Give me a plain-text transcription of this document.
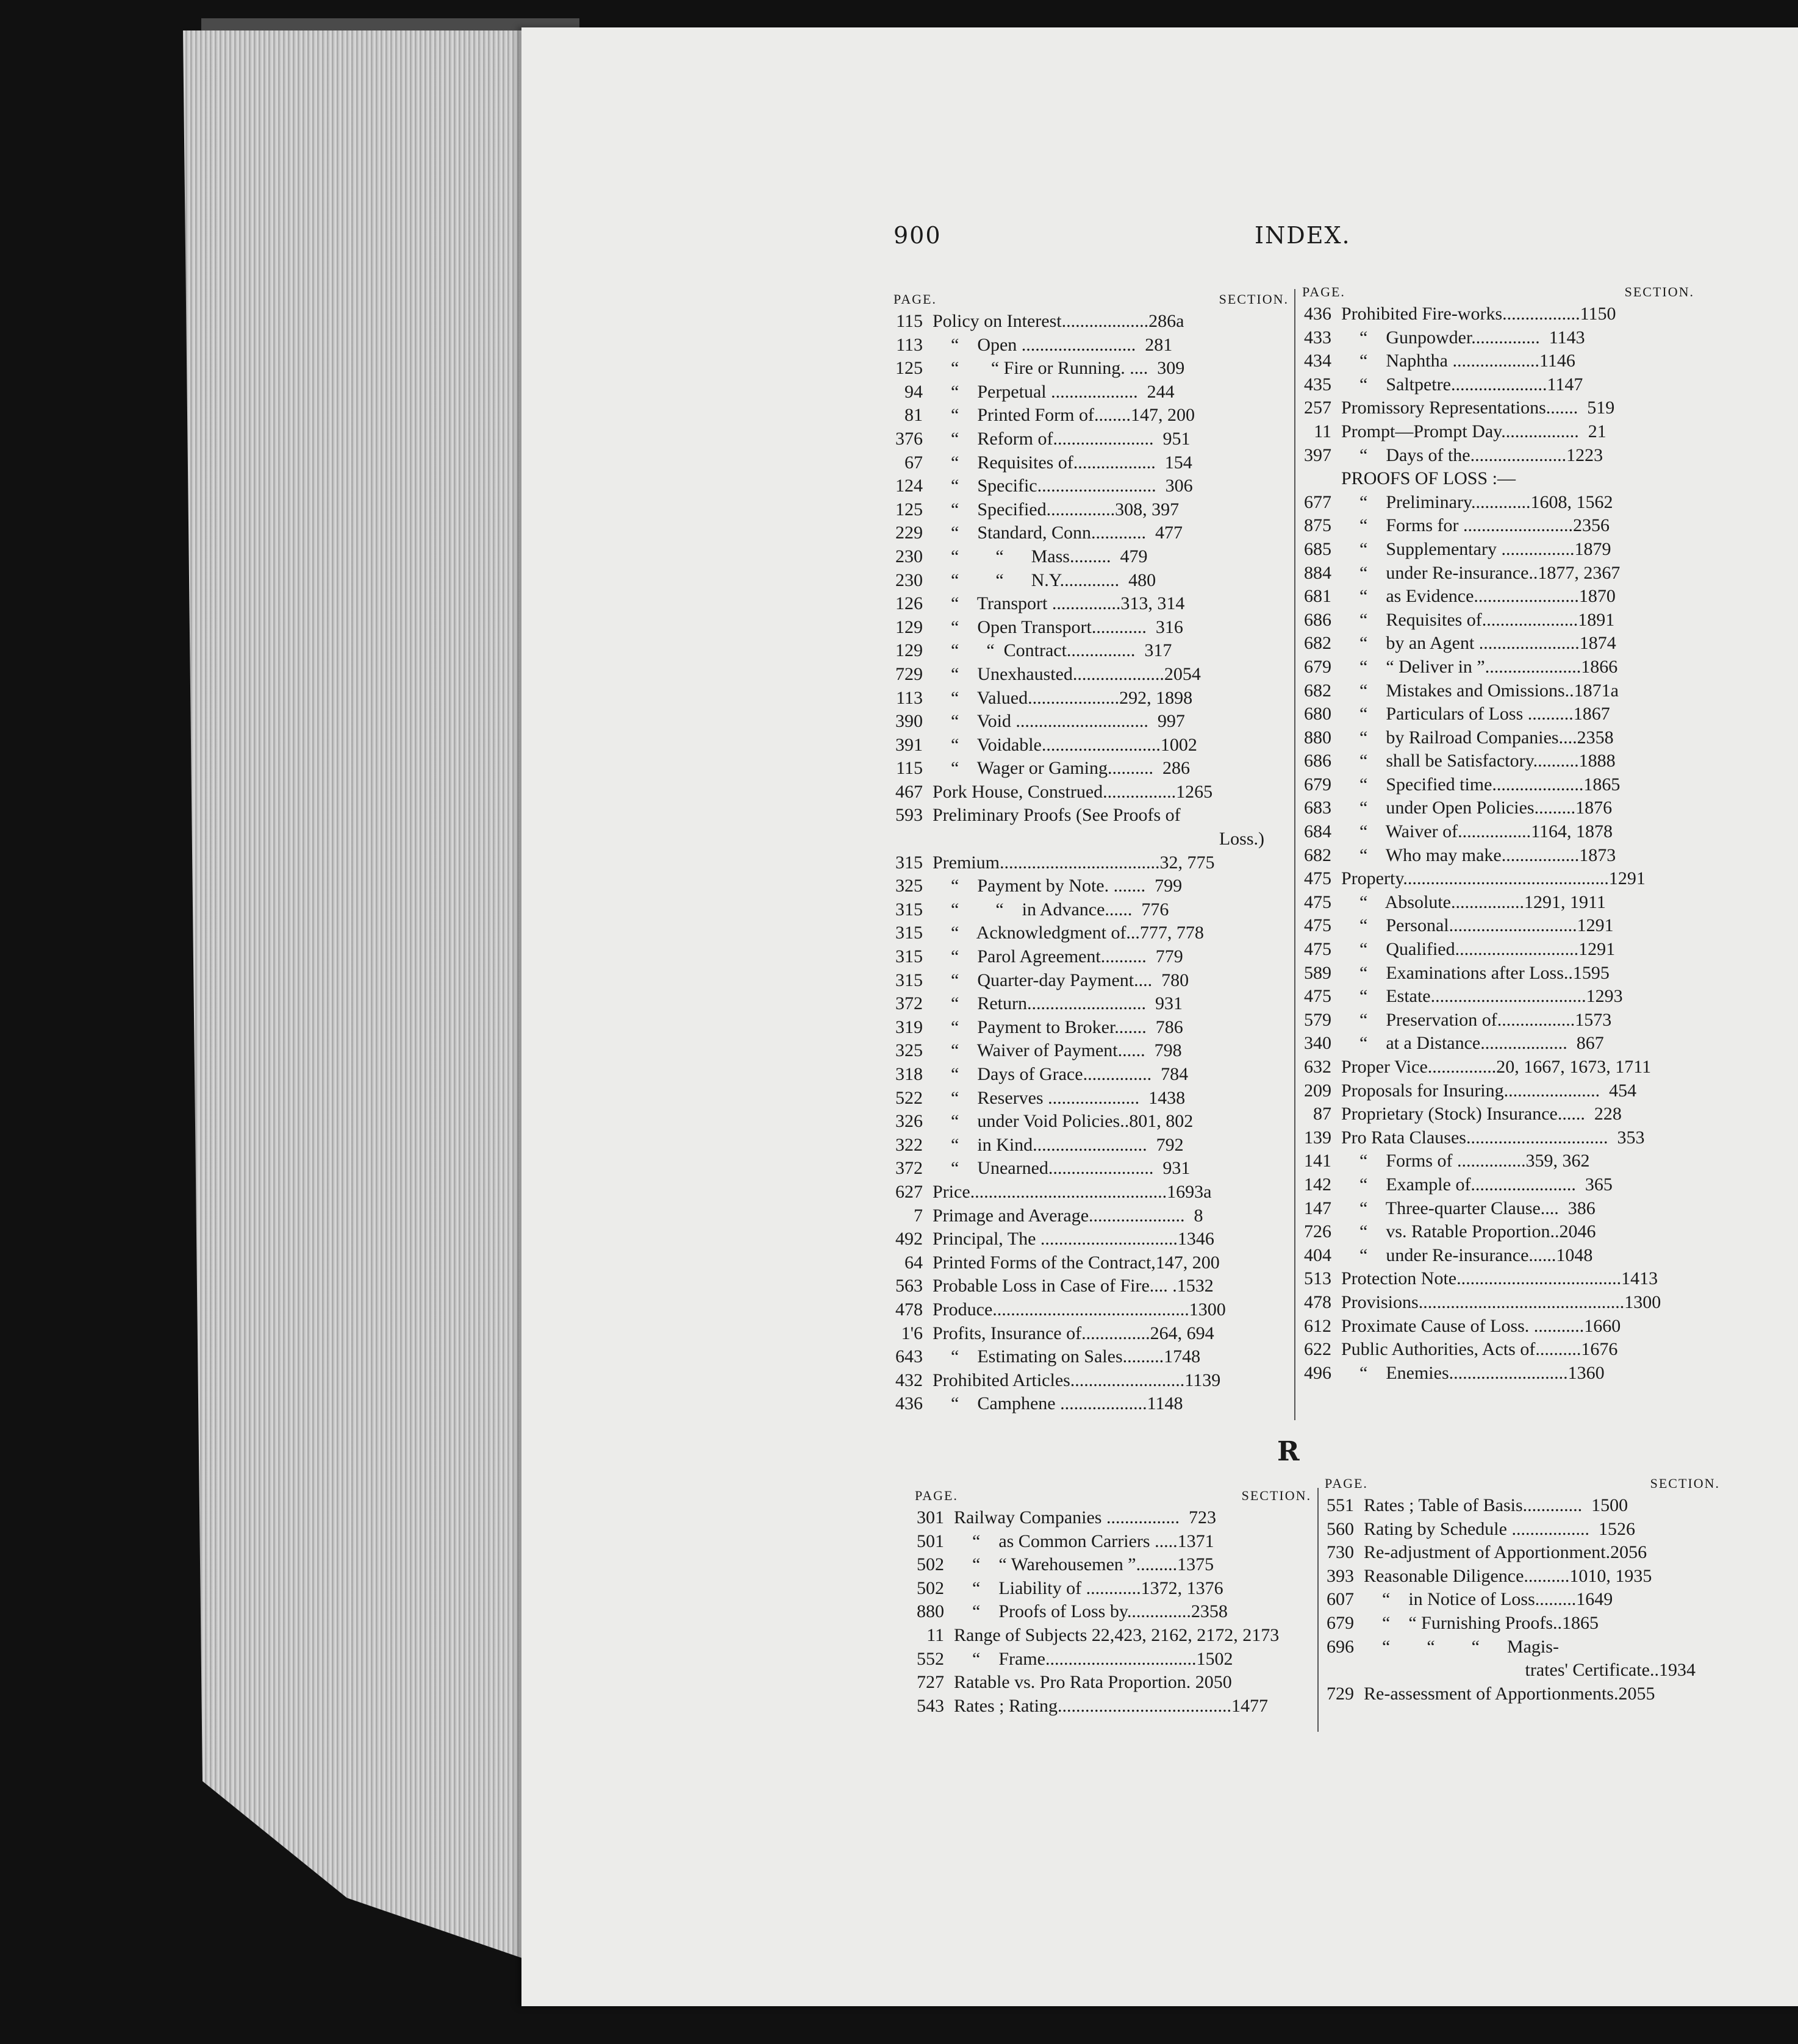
900	INDEX.
PAGE.	SECTION.
115 Policy on Interest...................286a
113 “    Open .........................  281
125 “       “ Fire or Running. ....  309
94 “    Perpetual ...................  244
81 “    Printed Form of........147, 200
376 “    Reform of......................  951
67 “    Requisites of..................  154
124 “    Specific..........................  306
125 “    Specified...............308, 397
229 “    Standard, Conn............  477
230 “        “      Mass.........  479
230 “        “      N.Y.............  480
126 “    Transport ...............313, 314
129 “    Open Transport............  316
129 “      “  Contract...............  317
729 “    Unexhausted....................2054
113 “    Valued....................292, 1898
390 “    Void .............................  997
391 “    Voidable..........................1002
115 “    Wager or Gaming..........  286
467 Pork House, Construed................1265
593 Preliminary Proofs (See Proofs of
Loss.)
315 Premium...................................32, 775
325 “    Payment by Note. .......  799
315 “        “    in Advance......  776
315 “    Acknowledgment of...777, 778
315 “    Parol Agreement..........  779
315 “    Quarter-day Payment....  780
372 “    Return..........................  931
319 “    Payment to Broker.......  786
325 “    Waiver of Payment......  798
318 “    Days of Grace...............  784
522 “    Reserves ....................  1438
326 “    under Void Policies..801, 802
322 “    in Kind.........................  792
372 “    Unearned.......................  931
627 Price...........................................1693a
7 Primage and Average.....................  8
492 Principal, The ..............................1346
64 Printed Forms of the Contract,147, 200
563 Probable Loss in Case of Fire.... .1532
478 Produce...........................................1300
1'6 Profits, Insurance of...............264, 694
643 “    Estimating on Sales.........1748
432 Prohibited Articles.........................1139
436 “    Camphene ...................1148
PAGE.	SECTION.
436 Prohibited Fire-works.................1150
433 “    Gunpowder...............  1143
434 “    Naphtha ...................1146
435 “    Saltpetre.....................1147
257 Promissory Representations.......  519
11 Prompt—Prompt Day.................  21
397 “    Days of the.....................1223
PROOFS OF LOSS :—
677 “    Preliminary.............1608, 1562
875 “    Forms for ........................2356
685 “    Supplementary ................1879
884 “    under Re-insurance..1877, 2367
681 “    as Evidence.......................1870
686 “    Requisites of.....................1891
682 “    by an Agent ......................1874
679 “    “ Deliver in ”.....................1866
682 “    Mistakes and Omissions..1871a
680 “    Particulars of Loss ..........1867
880 “    by Railroad Companies....2358
686 “    shall be Satisfactory..........1888
679 “    Specified time....................1865
683 “    under Open Policies.........1876
684 “    Waiver of................1164, 1878
682 “    Who may make.................1873
475 Property.............................................1291
475 “    Absolute................1291, 1911
475 “    Personal............................1291
475 “    Qualified...........................1291
589 “    Examinations after Loss..1595
475 “    Estate..................................1293
579 “    Preservation of.................1573
340 “    at a Distance...................  867
632 Proper Vice...............20, 1667, 1673, 1711
209 Proposals for Insuring.....................  454
87 Proprietary (Stock) Insurance......  228
139 Pro Rata Clauses...............................  353
141 “    Forms of ...............359, 362
142 “    Example of.......................  365
147 “    Three-quarter Clause....  386
726 “    vs. Ratable Proportion..2046
404 “    under Re-insurance......1048
513 Protection Note....................................1413
478 Provisions.............................................1300
612 Proximate Cause of Loss. ...........1660
622 Public Authorities, Acts of..........1676
496 “    Enemies..........................1360
R
PAGE.	SECTION.
301 Railway Companies ................  723
501 “    as Common Carriers .....1371
502 “    “ Warehousemen ”.........1375
502 “    Liability of ............1372, 1376
880 “    Proofs of Loss by..............2358
11 Range of Subjects 22,423, 2162, 2172, 2173
552 “    Frame.................................1502
727 Ratable vs. Pro Rata Proportion. 2050
543 Rates ; Rating......................................1477
PAGE.	SECTION.
551 Rates ; Table of Basis.............  1500
560 Rating by Schedule .................  1526
730 Re-adjustment of Apportionment.2056
393 Reasonable Diligence..........1010, 1935
607 “    in Notice of Loss.........1649
679 “    “ Furnishing Proofs..1865
696 “        “        “      Magis-
trates' Certificate..1934
729 Re-assessment of Apportionments.2055
